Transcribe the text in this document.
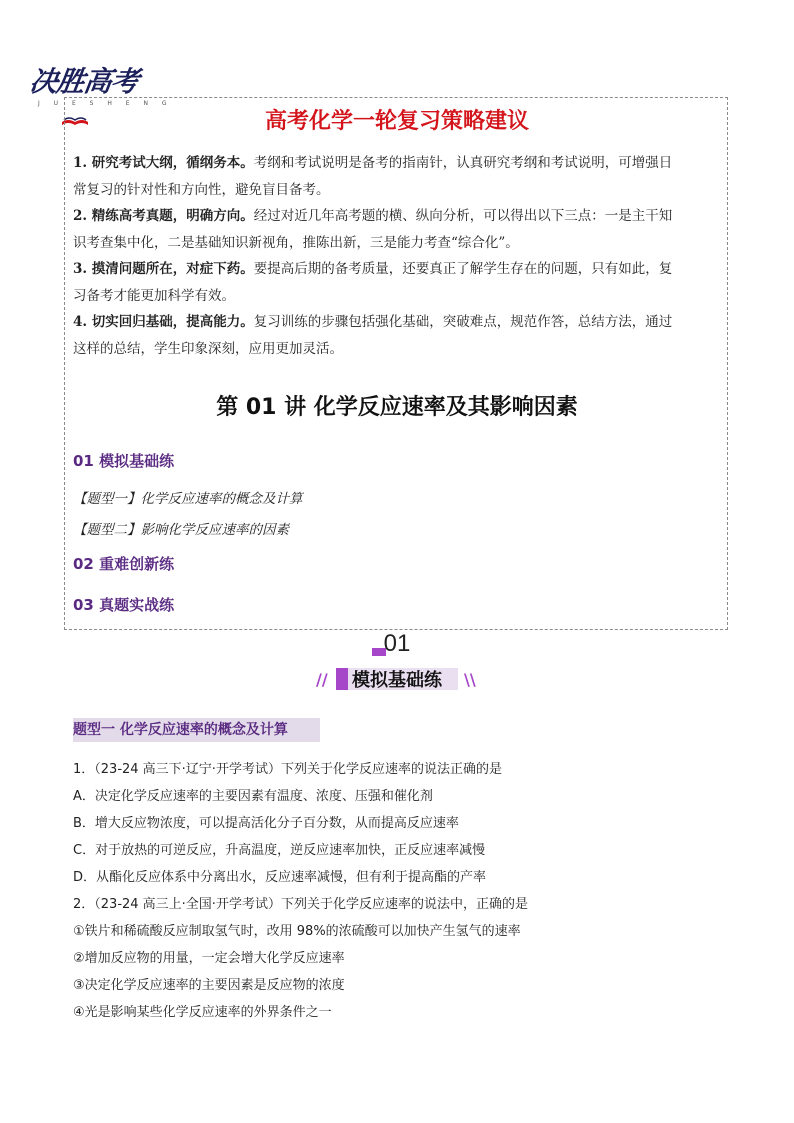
决胜高考
J U E S H E N G
高考化学一轮复习策略建议
1. 研究考试大纲，循纲务本。考纲和考试说明是备考的指南针，认真研究考纲和考试说明，可增强日
常复习的针对性和方向性，避免盲目备考。
2. 精练高考真题，明确方向。经过对近几年高考题的横、纵向分析，可以得出以下三点：一是主干知
识考查集中化，二是基础知识新视角，推陈出新，三是能力考查“综合化”。
3. 摸清问题所在，对症下药。要提高后期的备考质量，还要真正了解学生存在的问题，只有如此，复
习备考才能更加科学有效。
4. 切实回归基础，提高能力。复习训练的步骤包括强化基础，突破难点，规范作答，总结方法，通过
这样的总结，学生印象深刻，应用更加灵活。
第 01 讲 化学反应速率及其影响因素
01 模拟基础练
【题型一】化学反应速率的概念及计算
【题型二】影响化学反应速率的因素
02 重难创新练
03 真题实战练
01
//	模拟基础练	\\
题型一 化学反应速率的概念及计算
1．（23-24 高三下·辽宁·开学考试）下列关于化学反应速率的说法正确的是
A．决定化学反应速率的主要因素有温度、浓度、压强和催化剂
B．增大反应物浓度，可以提高活化分子百分数，从而提高反应速率
C．对于放热的可逆反应，升高温度，逆反应速率加快，正反应速率减慢
D．从酯化反应体系中分离出水，反应速率减慢，但有利于提高酯的产率
2．（23-24 高三上·全国·开学考试）下列关于化学反应速率的说法中，正确的是
①铁片和稀硫酸反应制取氢气时，改用 98%的浓硫酸可以加快产生氢气的速率
②增加反应物的用量，一定会增大化学反应速率
③决定化学反应速率的主要因素是反应物的浓度
④光是影响某些化学反应速率的外界条件之一
